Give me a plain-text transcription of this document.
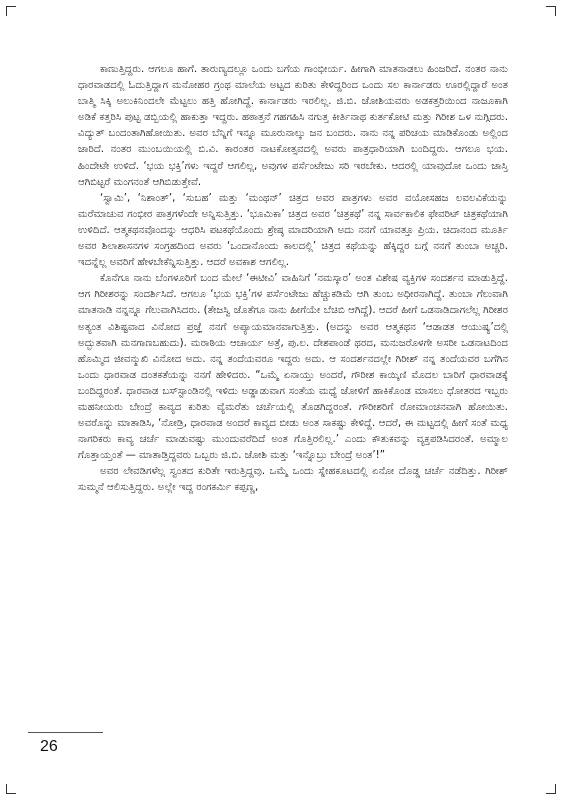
ಕಾಣುತ್ತಿದ್ದರು. ಆಗಲೂ ಹಾಗೆ. ತಾರುಣ್ಯದಲ್ಲೂ ಒಂದು ಬಗೆಯ ಗಾಂಭೀರ್ಯ. ಹೀಗಾಗಿ ಮಾತನಾಡಲು ಹಿಂಜರಿದೆ. ನಂತರ ನಾನು ಧಾರವಾಡದಲ್ಲಿ ಓದುತ್ತಿದ್ದಾಗ ಮನೋಹರ ಗ್ರಂಥ ಮಾಲೆಯ ಅಟ್ಟದ ಕುರಿತು ಕೇಳಿದ್ದರಿಂದ ಒಂದು ಸಲ ಕಾರ್ನಾಡರು ಊರಲ್ಲಿದ್ದಾರೆ ಅಂತ ಬಾತ್ಮಿ ಸಿಕ್ಕಿ ಅಲುಕಿನಿಂದಲೇ ಮೆಟ್ಟಲು ಹತ್ತಿ ಹೋಗಿದ್ದೆ. ಕಾರ್ನಾಡರು ಇರಲಿಲ್ಲ. ಜಿ.ಬಿ. ಜೋಶಿಯವರು ಅಡಕತ್ತರಿಯಿಂದ ನಾಜೂಕಾಗಿ ಅಡಿಕೆ ಕತ್ತರಿಸಿ ಪುಟ್ಟ ಡಬ್ಬಿಯಲ್ಲಿ ಹಾಕುತ್ತಾ ಇದ್ದರು. ಹಠಾತ್ತನೆ ಗಹಗಹಿಸಿ ನಗುತ್ತ ಕೀರ್ತಿನಾಥ ಕುರ್ತಕೋಟಿ ಮತ್ತು ಗಿರೀಶ ಒಳ ನುಗ್ಗಿದರು. ವಿದ್ಯುತ್ ಬಂದಂತಾಗಿಹೋಯಿತು. ಅವರ ಬೆನ್ನಿಗೆ ಇನ್ನೂ ಮೂರುನಾಲ್ಕು ಜನ ಬಂದರು. ನಾನು ನನ್ನ ಪರಿಚಯ ಮಾಡಿಕೊಂಡು ಅಲ್ಲಿಂದ ಜಾರಿದೆ. ನಂತರ ಮುಂಬಯಿಯಲ್ಲಿ ಬಿ.ವಿ. ಕಾರಂತರ ನಾಟಕೋತ್ಸವದಲ್ಲಿ ಅವರು ಪಾತ್ರಧಾರಿಯಾಗಿ ಬಂದಿದ್ದರು. ಆಗಲೂ ಭಯ. ಹಿಂದೇಟೇ ಉಳಿದೆ. ‘ಭಯ ಭಕ್ತಿ’ಗಳು ಇದ್ದರೆ ಆಗಲಿಲ್ಲ, ಅವುಗಳ ಪರ್ಸೆಂಟೇಜು ಸರಿ ಇರಬೇಕು. ಆದರಲ್ಲಿ ಯಾವುದೋ ಒಂದು ಜಾಸ್ತಿ ಆಗಿಬಿಟ್ಟರೆ ಮಂಗನಂತೆ ಆಗಿಬಿಡುತ್ತೇವೆ.

‘ಸ್ವಾಮಿ’, ‘ನಿಶಾಂತ್’, ‘ಸುಬಹ’ ಮತ್ತು ‘ಮಂಥನ್’ ಚಿತ್ರದ ಅವರ ಪಾತ್ರಗಳು ಅವರ ವಯೋಸಹಜ ಲವಲವಿಕೆಯನ್ನು ಮರೆಮಾಚುವ ಗಂಭೀರ ಪಾತ್ರಗಳೆಂದೇ ಅನ್ನಿಸುತ್ತಿತ್ತು. ‘ಭೂಮಿಕಾ’ ಚಿತ್ರದ ಅವರ ‘ಚಿತ್ರಕಥೆ’ ನನ್ನ ಸಾರ್ವಕಾಲಿಕ ಫೇವರಿಟ್ ಚಿತ್ರಕಥೆಯಾಗಿ ಉಳಿದಿದೆ. ಆತ್ಮಕಥನವೊಂದನ್ನು ಆಧರಿಸಿ ಪಟಕಥೆಯೊಂದು ಶ್ರೇಷ್ಠ ಮಾದರಿಯಾಗಿ ಅದು ನನಗೆ ಯಾವತ್ತೂ ಪ್ರಿಯ. ಚಿದಾನಂದ ಮೂರ್ತಿ ಅವರ ಶಿಲಾಶಾಸನಗಳ ಸಂಗ್ರಹದಿಂದ ಅವರು ‘ಒಂದಾನೊಂದು ಕಾಲದಲ್ಲಿ’ ಚಿತ್ರದ ಕಥೆಯನ್ನು ಹೆಕ್ಕಿದ್ದರ ಬಗ್ಗೆ ನನಗೆ ತುಂಬಾ ಅಚ್ಚರಿ. ಇದನ್ನೆಲ್ಲ ಅವರಿಗೆ ಹೇಳಬೇಕೆನ್ನಿಸುತ್ತಿತ್ತು. ಆದರೆ ಅವಕಾಶ ಆಗಲಿಲ್ಲ.

ಕೊನೆಗೂ ನಾನು ಬೆಂಗಳೂರಿಗೆ ಬಂದ ಮೇಲೆ ‘ಈಟೀವಿ’ ವಾಹಿನಿಗೆ ‘ನಮಸ್ಕಾರ’ ಅಂತ ವಿಶೇಷ ವ್ಯಕ್ತಿಗಳ ಸಂದರ್ಶನ ಮಾಡುತ್ತಿದ್ದೆ. ಆಗ ಗಿರೀಶರನ್ನು ಸಂದರ್ಶಿಸಿದೆ. ಆಗಲೂ ‘ಭಯ ಭಕ್ತಿ’ಗಳ ಪರ್ಸೆಂಟೇಜು ಹೆಚ್ಚುಕಡಿಮೆ ಆಗಿ ತುಂಬ ಅಧೀರನಾಗಿದ್ದೆ. ತುಂಬಾ ಗೆಲುವಾಗಿ ಮಾತನಾಡಿ ನನ್ನನ್ನೂ ಗೆಲುವಾಗಿಸಿದರು. (ತೇಜಸ್ವಿ ಜೊತೆಗೂ ನಾನು ಹೀಗೆಯೇ ಬೆಚಿಬಿ ಆಗಿದ್ದೆ). ಆದರೆ ಹೀಗೆ ಒಡನಾಡಿದಾಗಲೆಲ್ಲ ಗಿರೀಶರ ಅತ್ಯಂತ ವಿಶಿಷ್ಟವಾದ ವಿನೋದ ಪ್ರಜ್ಞೆ ನನಗೆ ಅಪ್ಯಾಯಮಾನವಾಗುತ್ತಿತ್ತು. (ಅದನ್ನು ಅವರ ಆತ್ಮಕಥನ ‘ಆಡಾಡತ ಆಯುಷ್ಯ’ದಲ್ಲಿ ಅದ್ಭುತವಾಗಿ ಮನಗಾಣಬಹುದು). ಮರಾಠಿಯ ಆಚಾರ್ಯ ಅತ್ರೆ, ಪು.ಲ. ದೇಶಪಾಂಡೆ ಥರದ, ಮನುಜರೊಳಗೇ ಅಸರೀ ಒಡನಾಟದಿಂದ ಹೊಮ್ಮಿದ ಜೀವನ್ಮುಖಿ ವಿನೋದ ಅದು. ನನ್ನ ತಂದೆಯವರೂ ಇದ್ದರು ಅದು. ಆ ಸಂದರ್ಶನದಲ್ಲೇ ಗಿರೀಶ್ ನನ್ನ ತಂದೆಯವರ ಬಗೆಗಿನ ಒಂದು ಧಾರವಾಡ ದಂತಕತೆಯನ್ನು ನನಗೆ ಹೇಳಿದರು. “ಒಮ್ಮೆ ಏನಾಯ್ತು ಅಂದರೆ, ಗೌರೀಶ ಕಾಯ್ಕಿಣಿ ಮೊದಲ ಬಾರಿಗೆ ಧಾರವಾಡಕ್ಕೆ ಬಂದಿದ್ದರಂತೆ. ಧಾರವಾಡ ಬಸ್‌ಸ್ಟಾಂಡಿನಲ್ಲಿ ಇಳಿದು ಅಡ್ಡಾಡುವಾಗ ಸಂತೆಯ ಮಧ್ಯೆ ಜೋಳಿಗೆ ಹಾಕಿಕೊಂಡ ಮಾಸಲು ಧೋತರದ ಇಬ್ಬರು ಮಹನೀಯರು ಬೇಂದ್ರೆ ಕಾವ್ಯದ ಕುರಿತು ವ್ಯೆಮರೆತು ಚರ್ಚೆಯಲ್ಲಿ ತೊಡಗಿದ್ದರಂತೆ. ಗೌರೀಶರಿಗೆ ರೋಮಾಂಚನವಾಗಿ ಹೋಯಿತು. ಅವರೊನ್ನು ಮಾತಾಡಿಸಿ, ‘ನೋಡ್ರಿ, ಧಾರವಾಡ ಅಂದರೆ ಕಾವ್ಯದ ಬೀಡು ಅಂತ ಸಾಕಷ್ಟು ಕೇಳಿದ್ದೆ. ಆದರೆ, ಈ ಮಟ್ಟದಲ್ಲಿ ಹೀಗೆ ಸಂತೆ ಮಧ್ಯ ನಾಗರಿಕರು ಕಾವ್ಯ ಚರ್ಚೆ ಮಾಡುವಷ್ಟು ಮುಂದುವರೆದಿದೆ ಅಂತ ಗೊತ್ತಿರಲಿಲ್ಲ.’ ಎಂದು ಕೌತುಕವನ್ನು ವ್ಯಕ್ತಪಡಿಸಿದರಂತೆ. ಅಮ್ಮಾಲ ಗೊತ್ತಾಯ್ತಂತೆ — ಮಾತಾಡ್ತಿದ್ದವರು ಒಬ್ಬರು ಜಿ.ಬಿ. ಜೋಶಿ ಮತ್ತು ‘ಇನ್ನೊಬ್ರು ಬೇಂದ್ರೆ ಅಂತ’!”

ಅವರ ಲೇವಡಿಗಳೆಲ್ಲ ಸ್ವಂತದ ಕುರಿತೇ ಇರುತ್ತಿದ್ದವು. ಒಮ್ಮೆ ಒಂದು ಸ್ನೇಹಕೂಟದಲ್ಲಿ ಏನೋ ದೊಡ್ಡ ಚರ್ಚೆ ನಡೆದಿತ್ತು. ಗಿರೀಶ್ ಸುಮ್ಮನೆ ಆಲಿಸುತ್ತಿದ್ದರು. ಅಲ್ಲೇ ಇದ್ದ ರಂಗಕರ್ಮಿ ಕಪ್ಪಣ್ಣ,

26
